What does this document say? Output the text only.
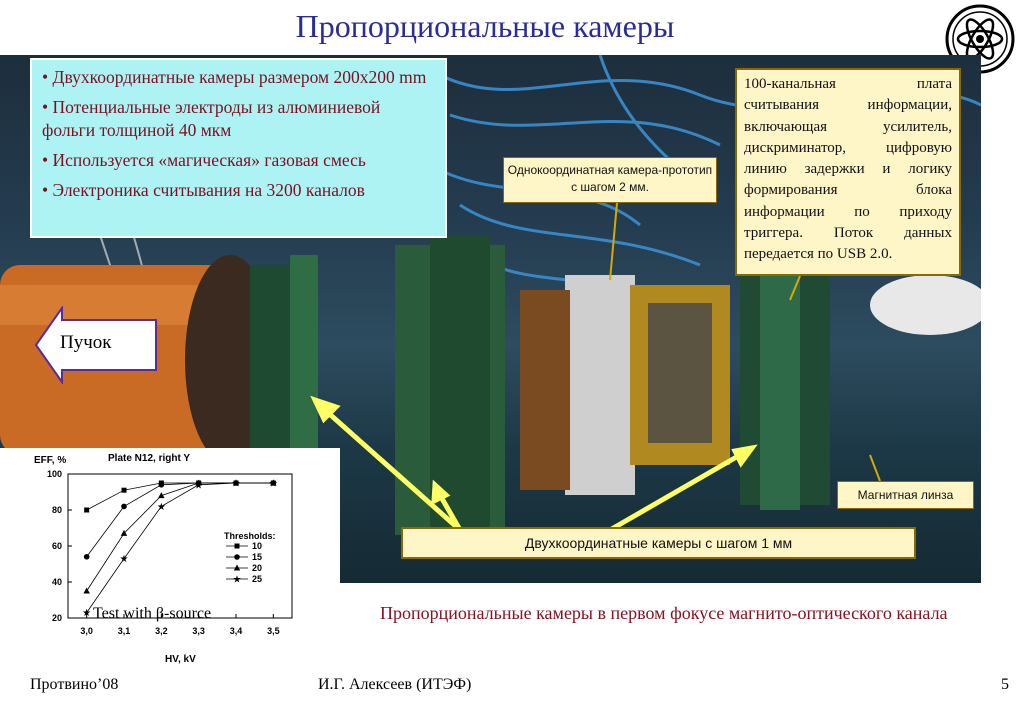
Пропорциональные камеры

• Двухкоординатные камеры размером 200х200 mm

• Потенциальные электроды из алюминиевой фольги толщиной 40 мкм

• Используется «магическая» газовая смесь

• Электроника считывания на 3200 каналов

Однокоординатная камера-прототип с шагом 2 мм.
100-канальная плата считывания информации, включающая усилитель, дискриминатор, цифровую линию задержки и логику формирования блока информации по приходу триггера. Поток данных передается по USB 2.0.
Магнитная линза
Двухкоординатные камеры с шагом 1 мм
Пучок
EFF, %	Plate N12, right Y
HV, kV
Thresholds:
3,0	3,1	3,2	3,3	3,4	3,5
20
40
60
80
100
★
★
★
★	★	★
10
15
20
★ 25
Test with β-source	Пропорциональные камеры в первом фокусе магнито-оптического канала
Протвино’08	И.Г. Алексеев (ИТЭФ)	5
